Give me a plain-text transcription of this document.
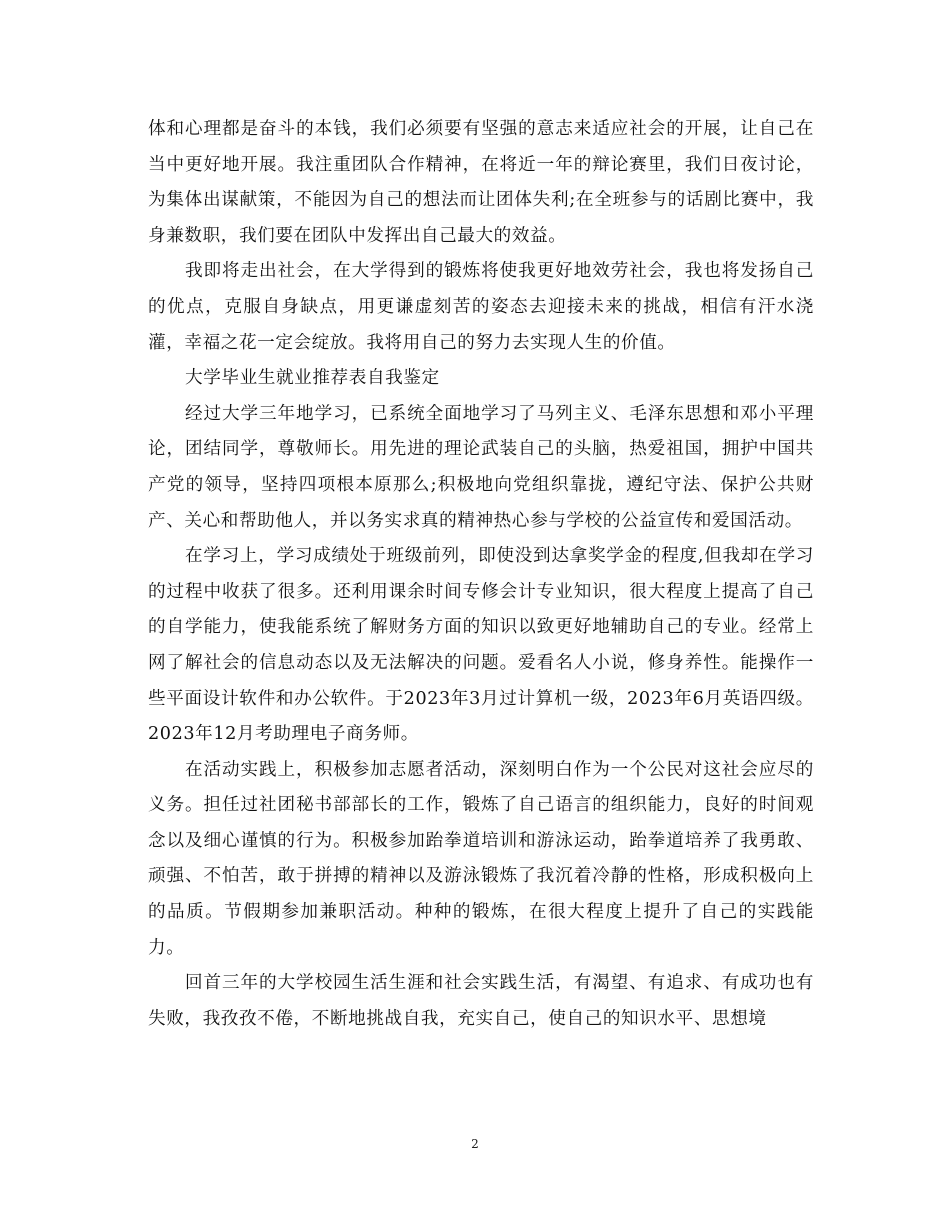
体和心理都是奋斗的本钱，我们必须要有坚强的意志来适应社会的开展，让自己在当中更好地开展。我注重团队合作精神，在将近一年的辩论赛里，我们日夜讨论，为集体出谋献策，不能因为自己的想法而让团体失利;在全班参与的话剧比赛中，我身兼数职，我们要在团队中发挥出自己最大的效益。

我即将走出社会，在大学得到的锻炼将使我更好地效劳社会，我也将发扬自己的优点，克服自身缺点，用更谦虚刻苦的姿态去迎接未来的挑战，相信有汗水浇灌，幸福之花一定会绽放。我将用自己的努力去实现人生的价值。

大学毕业生就业推荐表自我鉴定

经过大学三年地学习，已系统全面地学习了马列主义、毛泽东思想和邓小平理论，团结同学，尊敬师长。用先进的理论武装自己的头脑，热爱祖国，拥护中国共产党的领导，坚持四项根本原那么;积极地向党组织靠拢，遵纪守法、保护公共财产、关心和帮助他人，并以务实求真的精神热心参与学校的公益宣传和爱国活动。

在学习上，学习成绩处于班级前列，即使没到达拿奖学金的程度,但我却在学习的过程中收获了很多。还利用课余时间专修会计专业知识，很大程度上提高了自己的自学能力，使我能系统了解财务方面的知识以致更好地辅助自己的专业。经常上网了解社会的信息动态以及无法解决的问题。爱看名人小说，修身养性。能操作一些平面设计软件和办公软件。于2023年3月过计算机一级，2023年6月英语四级。2023年12月考助理电子商务师。

在活动实践上，积极参加志愿者活动，深刻明白作为一个公民对这社会应尽的义务。担任过社团秘书部部长的工作，锻炼了自己语言的组织能力，良好的时间观念以及细心谨慎的行为。积极参加跆拳道培训和游泳运动，跆拳道培养了我勇敢、顽强、不怕苦，敢于拼搏的精神以及游泳锻炼了我沉着冷静的性格，形成积极向上的品质。节假期参加兼职活动。种种的锻炼，在很大程度上提升了自己的实践能力。

回首三年的大学校园生活生涯和社会实践生活，有渴望、有追求、有成功也有失败，我孜孜不倦，不断地挑战自我，充实自己，使自己的知识水平、思想境

2
